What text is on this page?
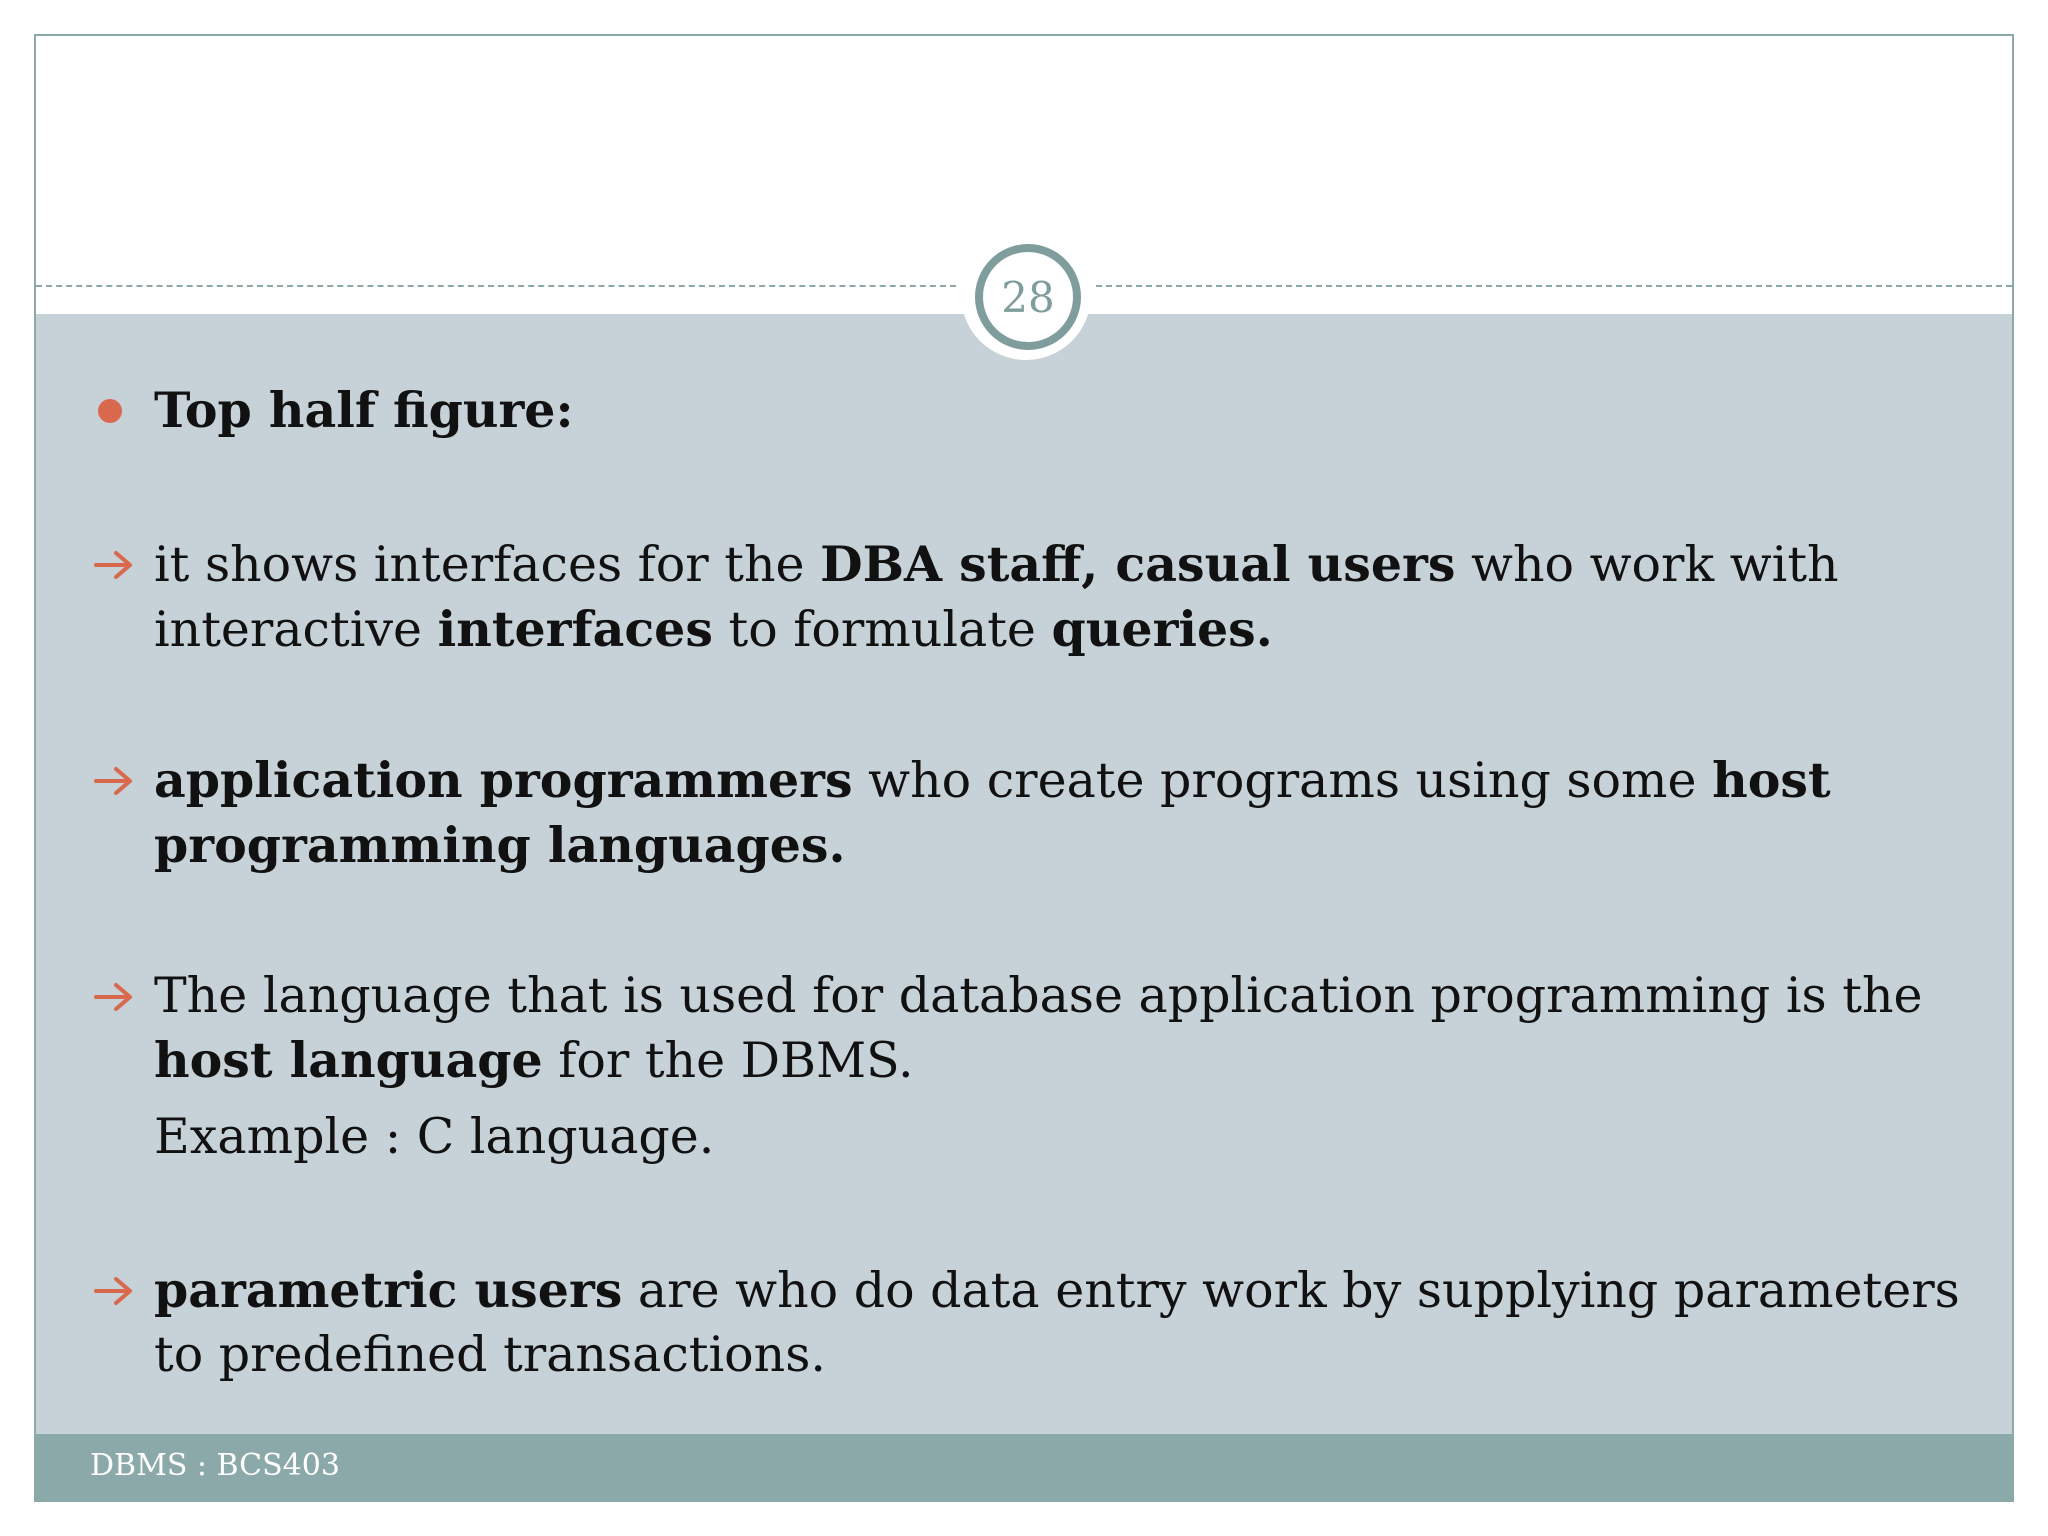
28
Top half figure:
it shows interfaces for the DBA staff, casual users who work with interactive interfaces to formulate queries.
application programmers who create programs using some host programming languages.
The language that is used for database application programming is the host language for the DBMS.
Example : C language.
parametric users are who do data entry work by supplying parameters to predefined transactions.
DBMS : BCS403
